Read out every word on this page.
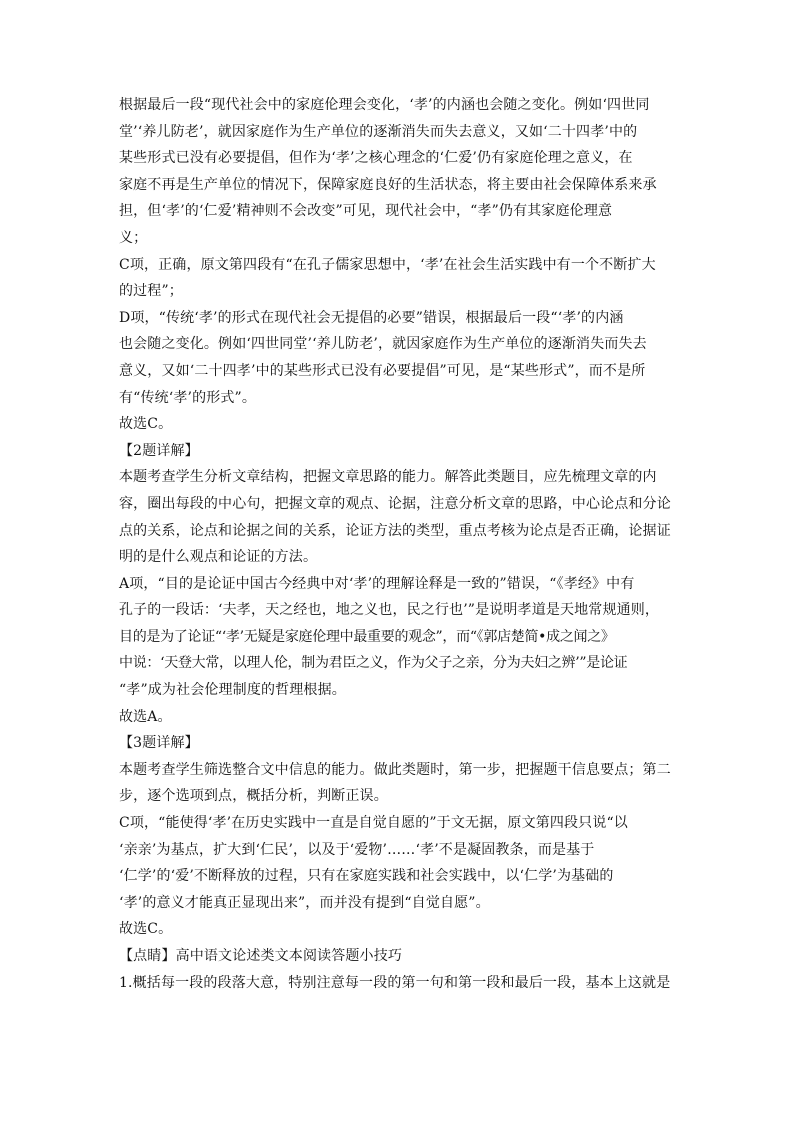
根据最后一段“现代社会中的家庭伦理会变化，‘孝’的内涵也会随之变化。例如‘四世同

堂’‘养儿防老’，就因家庭作为生产单位的逐渐消失而失去意义，又如‘二十四孝’中的

某些形式已没有必要提倡，但作为‘孝’之核心理念的‘仁爱’仍有家庭伦理之意义，在

家庭不再是生产单位的情况下，保障家庭良好的生活状态，将主要由社会保障体系来承

担，但‘孝’的‘仁爱’精神则不会改变”可见，现代社会中，“孝”仍有其家庭伦理意

义；

C项，正确，原文第四段有“在孔子儒家思想中，‘孝’在社会生活实践中有一个不断扩大

的过程”；

D项，“传统‘孝’的形式在现代社会无提倡的必要”错误，根据最后一段“‘孝’的内涵

也会随之变化。例如‘四世同堂’‘养儿防老’，就因家庭作为生产单位的逐渐消失而失去

意义，又如‘二十四孝’中的某些形式已没有必要提倡”可见，是“某些形式”，而不是所

有“传统‘孝’的形式”。

故选C。

【2题详解】

本题考查学生分析文章结构，把握文章思路的能力。解答此类题目，应先梳理文章的内

容，圈出每段的中心句，把握文章的观点、论据，注意分析文章的思路，中心论点和分论

点的关系，论点和论据之间的关系，论证方法的类型，重点考核为论点是否正确，论据证

明的是什么观点和论证的方法。

A项，“目的是论证中国古今经典中对‘孝’的理解诠释是一致的”错误，“《孝经》中有

孔子的一段话：‘夫孝，天之经也，地之义也，民之行也’”是说明孝道是天地常规通则，

目的是为了论证“‘孝’无疑是家庭伦理中最重要的观念”，而“《郭店楚简•成之闻之》

中说：‘天登大常，以理人伦，制为君臣之义，作为父子之亲，分为夫妇之辨’”是论证

“孝”成为社会伦理制度的哲理根据。

故选A。

【3题详解】

本题考查学生筛选整合文中信息的能力。做此类题时，第一步，把握题干信息要点；第二

步，逐个选项到点，概括分析，判断正误。

C项，“能使得‘孝’在历史实践中一直是自觉自愿的”于文无据，原文第四段只说“以

‘亲亲’为基点，扩大到‘仁民’，以及于‘爱物’……‘孝’不是凝固教条，而是基于

‘仁学’的‘爱’不断释放的过程，只有在家庭实践和社会实践中，以‘仁学’为基础的

‘孝’的意义才能真正显现出来”，而并没有提到“自觉自愿”。

故选C。

【点睛】高中语文论述类文本阅读答题小技巧

1.概括每一段的段落大意，特别注意每一段的第一句和第一段和最后一段，基本上这就是
